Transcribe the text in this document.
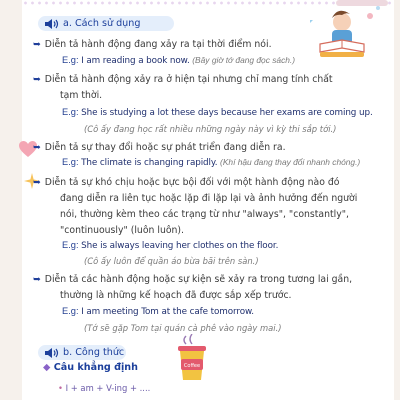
a. Cách sử dụng
➥ Diễn tả hành động đang xảy ra tại thời điểm nói.
E.g: I am reading a book now. (Bây giờ tớ đang đọc sách.)
➥ Diễn tả hành động xảy ra ở hiện tại nhưng chỉ mang tính chất
tạm thời.
E.g: She is studying a lot these days because her exams are coming up.
(Cô ấy đang học rất nhiều những ngày này vì kỳ thi sắp tới.)
➥ Diễn tả sự thay đổi hoặc sự phát triển đang diễn ra.
E.g: The climate is changing rapidly. (Khí hậu đang thay đổi nhanh chóng.)
➥ Diễn tả sự khó chịu hoặc bực bội đối với một hành động nào đó
đang diễn ra liên tục hoặc lặp đi lặp lại và ảnh hưởng đến người
nói, thường kèm theo các trạng từ như "always", "constantly",
"continuously" (luôn luôn).
E.g: She is always leaving her clothes on the floor.
(Cô ấy luôn để quần áo bừa bãi trên sàn.)
➥ Diễn tả các hành động hoặc sự kiện sẽ xảy ra trong tương lai gần,
thường là những kế hoạch đã được sắp xếp trước.
E.g: I am meeting Tom at the cafe tomorrow.
(Tớ sẽ gặp Tom tại quán cà phê vào ngày mai.)
b. Công thức
◆ Câu khẳng định
• I + am + V-ing + ....
Coffee
